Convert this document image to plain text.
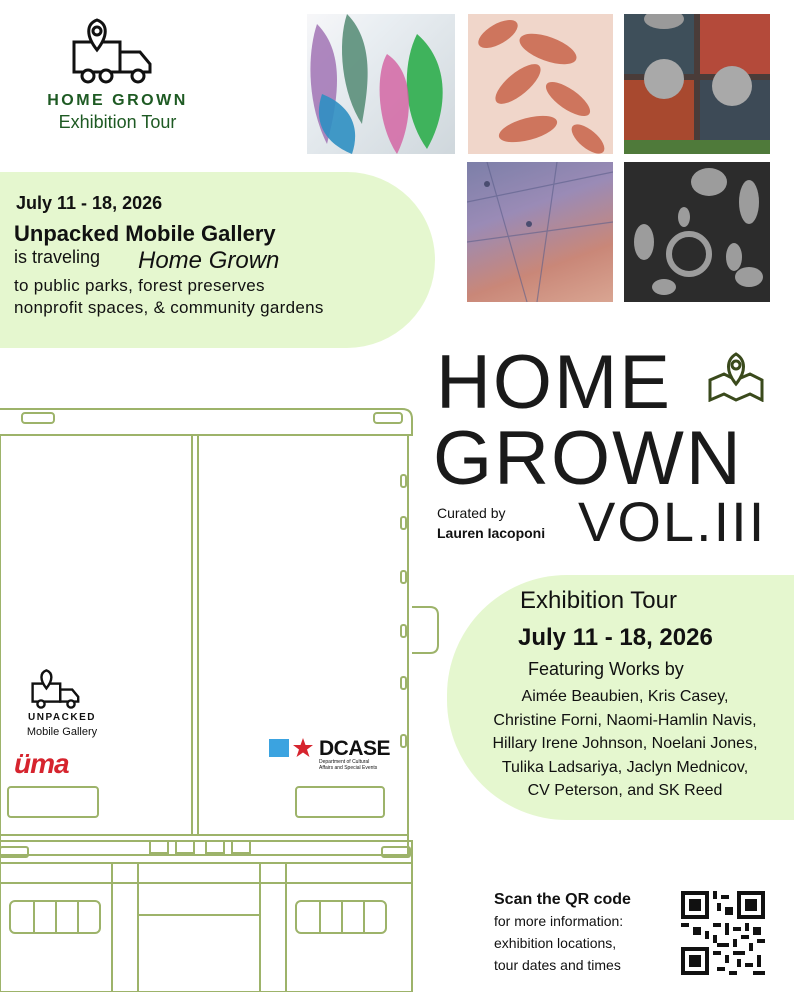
HOME GROWN
Exhibition Tour
July 11 - 18, 2026
Unpacked Mobile Gallery
is traveling Home Grown
to public parks, forest preserves
nonprofit spaces, & community gardens
HOME
GROWN
Curated by
Lauren Iacoponi VOL.III
Exhibition Tour
July 11 - 18, 2026
Featuring Works by
Aimée Beaubien, Kris Casey,
Christine Forni, Naomi-Hamlin Navis,
Hillary Irene Johnson, Noelani Jones,
Tulika Ladsariya, Jaclyn Mednicov,
CV Peterson, and SK Reed
UNPACKED
Mobile Gallery
üma	DCASE
Department of Cultural Affairs and Special Events
Scan the QR code
for more information:
exhibition locations,
tour dates and times
